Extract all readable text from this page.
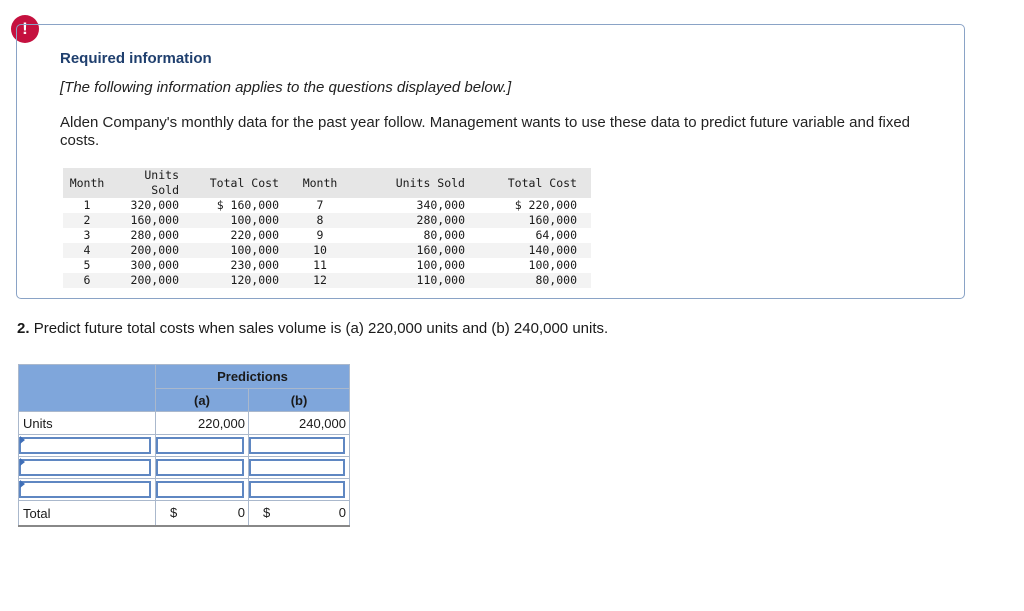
!
Required information
[The following information applies to the questions displayed below.]
Alden Company's monthly data for the past year follow. Management wants to use these data to predict future variable and fixed costs.
Month	Units Sold	Total Cost	Month	Units Sold	Total Cost
1	320,000	$ 160,000	7	340,000	$ 220,000
2	160,000	100,000	8	280,000	160,000
3	280,000	220,000	9	80,000	64,000
4	200,000	100,000	10	160,000	140,000
5	300,000	230,000	11	100,000	100,000
6	200,000	120,000	12	110,000	80,000
2. Predict future total costs when sales volume is (a) 220,000 units and (b) 240,000 units.
	Predictions	
	(a)	(b)
Units	220,000	240,000

Total	$ 0	$ 0
